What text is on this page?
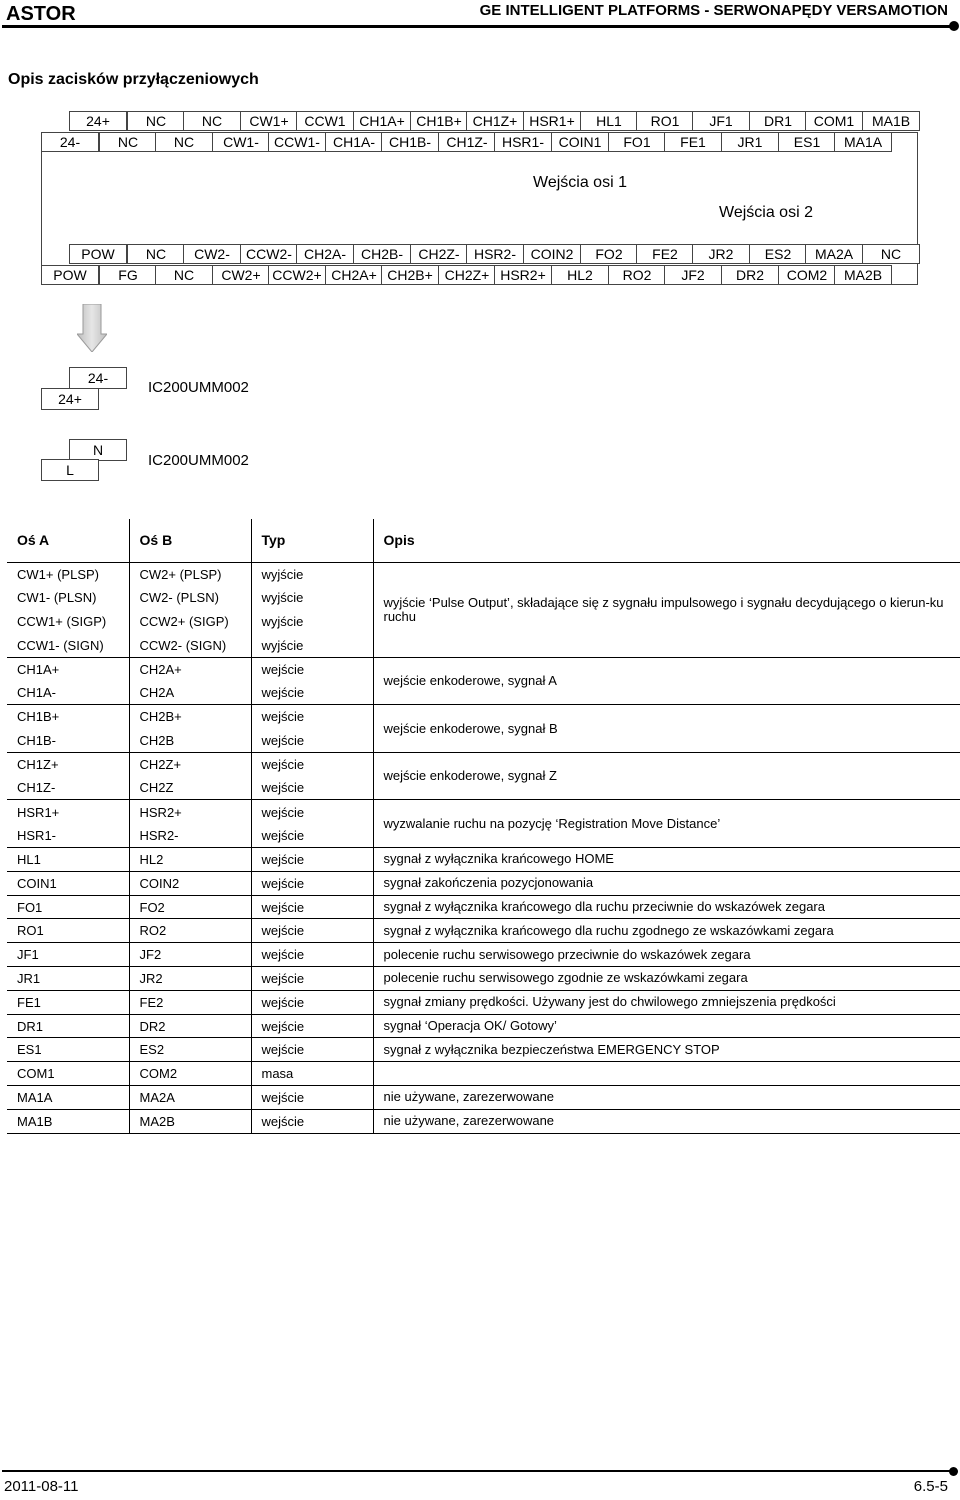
ASTOR	GE INTELLIGENT PLATFORMS - SERWONAPĘDY VERSAMOTION
Opis zacisków przyłączeniowych
Wejścia osi 1
Wejścia osi 2
24+	NC	NC CW1+ CCW1 CH1A+ CH1B+ CH1Z+ HSR1+ HL1 RO1 JF1 DR1 COM1 MA1B
24-	NC	NC CW1- CCW1- CH1A- CH1B- CH1Z- HSR1- COIN1 FO1 FE1 JR1 ES1 MA1A
POW NC CW2- CCW2- CH2A- CH2B- CH2Z- HSR2- COIN2 FO2 FE2 JR2 ES2 MA2A NC
POW FG	NC CW2+ CCW2+ CH2A+ CH2B+ CH2Z+ HSR2+ HL2 RO2 JF2 DR2 COM2 MA2B
24-
24+
IC200UMM002
N
L
IC200UMM002
Oś A	Oś B	Typ	Opis
CW1+ (PLSP)	CW2+ (PLSP)	wyjście	wyjście ‘Pulse Output’, składające się z sygnału impulsowego i sygnału decydującego o kierun-ku ruchu
CW1- (PLSN)	CW2- (PLSN)	wyjście	
CCW1+ (SIGP)	CCW2+ (SIGP)	wyjście	
CCW1- (SIGN)	CCW2- (SIGN)	wyjście	
CH1A+	CH2A+	wejście	wejście enkoderowe, sygnał A
CH1A-	CH2A	wejście	
CH1B+	CH2B+	wejście	wejście enkoderowe, sygnał B
CH1B-	CH2B	wejście	
CH1Z+	CH2Z+	wejście	wejście enkoderowe, sygnał Z
CH1Z-	CH2Z	wejście	
HSR1+	HSR2+	wejście	wyzwalanie ruchu na pozycję ‘Registration Move Distance’
HSR1-	HSR2-	wejście	
HL1	HL2	wejście	sygnał z wyłącznika krańcowego HOME
COIN1	COIN2	wejście	sygnał zakończenia pozycjonowania
FO1	FO2	wejście	sygnał z wyłącznika krańcowego dla ruchu przeciwnie do wskazówek zegara
RO1	RO2	wejście	sygnał z wyłącznika krańcowego dla ruchu zgodnego ze wskazówkami zegara
JF1	JF2	wejście	polecenie ruchu serwisowego przeciwnie do wskazówek zegara
JR1	JR2	wejście	polecenie ruchu serwisowego zgodnie ze wskazówkami zegara
FE1	FE2	wejście	sygnał zmiany prędkości. Używany jest do chwilowego zmniejszenia prędkości
DR1	DR2	wejście	sygnał ‘Operacja OK/ Gotowy’
ES1	ES2	wejście	sygnał z wyłącznika bezpieczeństwa EMERGENCY STOP
COM1	COM2	masa	
MA1A	MA2A	wejście	nie używane, zarezerwowane
MA1B	MA2B	wejście	nie używane, zarezerwowane
2011-08-11	6.5-5
